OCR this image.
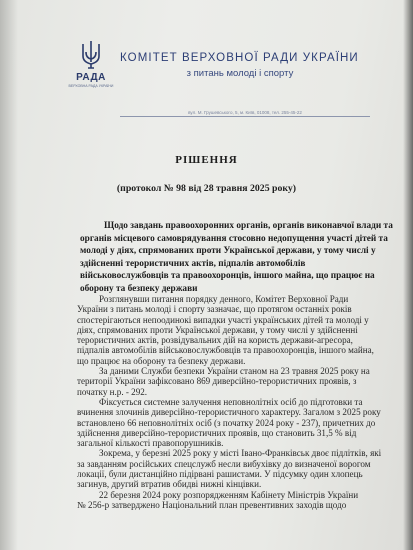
РАДА
ВЕРХОВНА РАДА УКРАЇНИ
КОМІТЕТ ВЕРХОВНОЇ РАДИ УКРАЇНИ
з питань молоді і спорту
вул. М. Грушевського, 5, м. Київ, 01008, тел. 255-45-22
РІШЕННЯ
(протокол № 98 від 28 травня 2025 року)

Щодо завдань правоохоронних органів, органів виконавчої влади та

органів місцевого самоврядування стосовно недопущення участі дітей та

молоді у діях, спрямованих проти Української держави, у тому числі у

здійсненні терористичних актів, підпалів автомобілів

військовослужбовців та правоохоронців, іншого майна, що працює на

оборону та безпеку держави

Розглянувши питання порядку денного, Комітет Верховної Ради

України з питань молоді і спорту зазначає, що протягом останніх років

спостерігаються непоодинокі випадки участі українських дітей та молоді у

діях, спрямованих проти Української держави, у тому числі у здійсненні

терористичних актів, розвідувальних дій на користь держави-агресора,

підпалів автомобілів військовослужбовців та правоохоронців, іншого майна,

що працює на оборону та безпеку держави.

За даними Служби безпеки України станом на 23 травня 2025 року на

території України зафіксовано 869 диверсійно-терористичних проявів, з

початку н.р. - 292.

Фіксується системне залучення неповнолітніх осіб до підготовки та

вчинення злочинів диверсійно-терористичного характеру. Загалом з 2025 року

встановлено 66 неповнолітніх осіб (з початку 2024 року - 237), причетних до

здійснення диверсійно-терористичних проявів, що становить 31,5 % від

загальної кількості правопорушників.

Зокрема, у березні 2025 року у місті Івано-Франківськ двоє підлітків, які

за завданням російських спецслужб несли вибухівку до визначеної ворогом

локації, були дистанційно підірвані рашистами. У підсумку один хлопець

загинув, другий втратив обидві нижні кінцівки.

22 березня 2024 року розпорядженням Кабінету Міністрів України

№ 256-р затверджено Національний план превентивних заходів щодо
